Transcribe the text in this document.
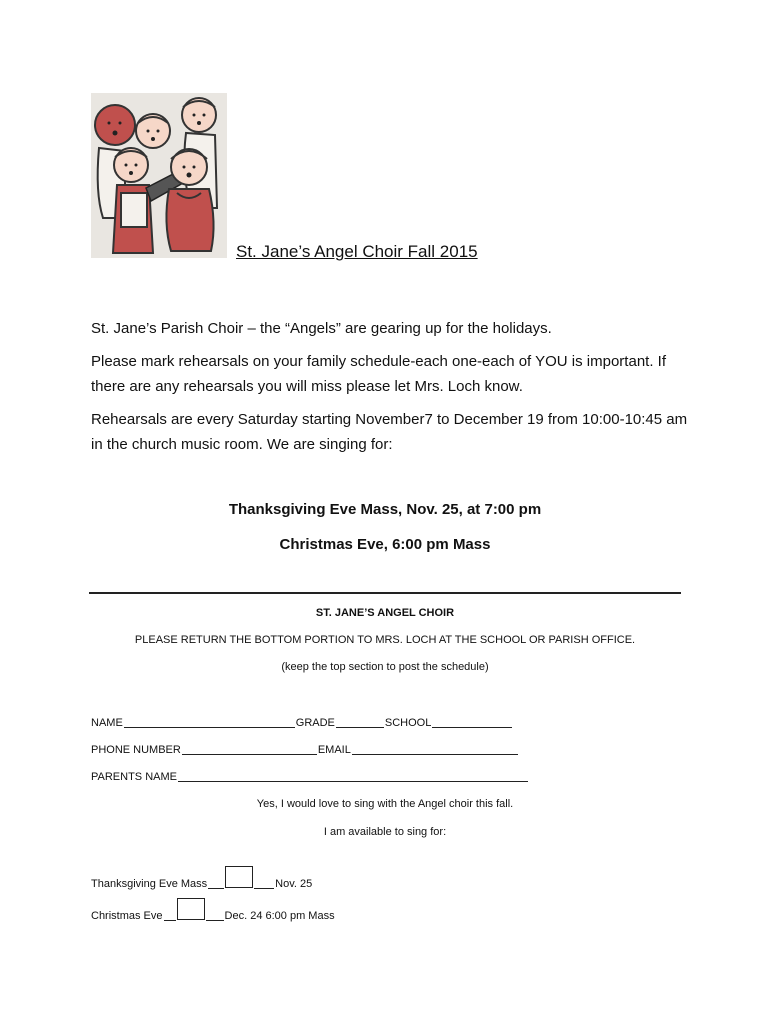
St. Jane’s Angel Choir Fall 2015
St. Jane’s Parish Choir – the “Angels” are gearing up for the holidays.
Please mark rehearsals on your family schedule-each one-each of YOU is important. If there are any rehearsals you will miss please let Mrs. Loch know.
Rehearsals are every Saturday starting November7 to December 19 from 10:00-10:45 am in the church music room. We are singing for:
Thanksgiving Eve Mass, Nov. 25, at 7:00 pm
Christmas Eve, 6:00 pm Mass
ST. JANE’S ANGEL CHOIR
PLEASE RETURN THE BOTTOM PORTION TO MRS. LOCH AT THE SCHOOL OR PARISH OFFICE.
(keep the top section to post the schedule)
NAME	GRADE	SCHOOL
PHONE NUMBER	EMAIL
PARENTS NAME
Yes, I would love to sing with the Angel choir this fall.
I am available to sing for:
Thanksgiving Eve Mass	Nov. 25
Christmas Eve	Dec. 24 6:00 pm Mass
